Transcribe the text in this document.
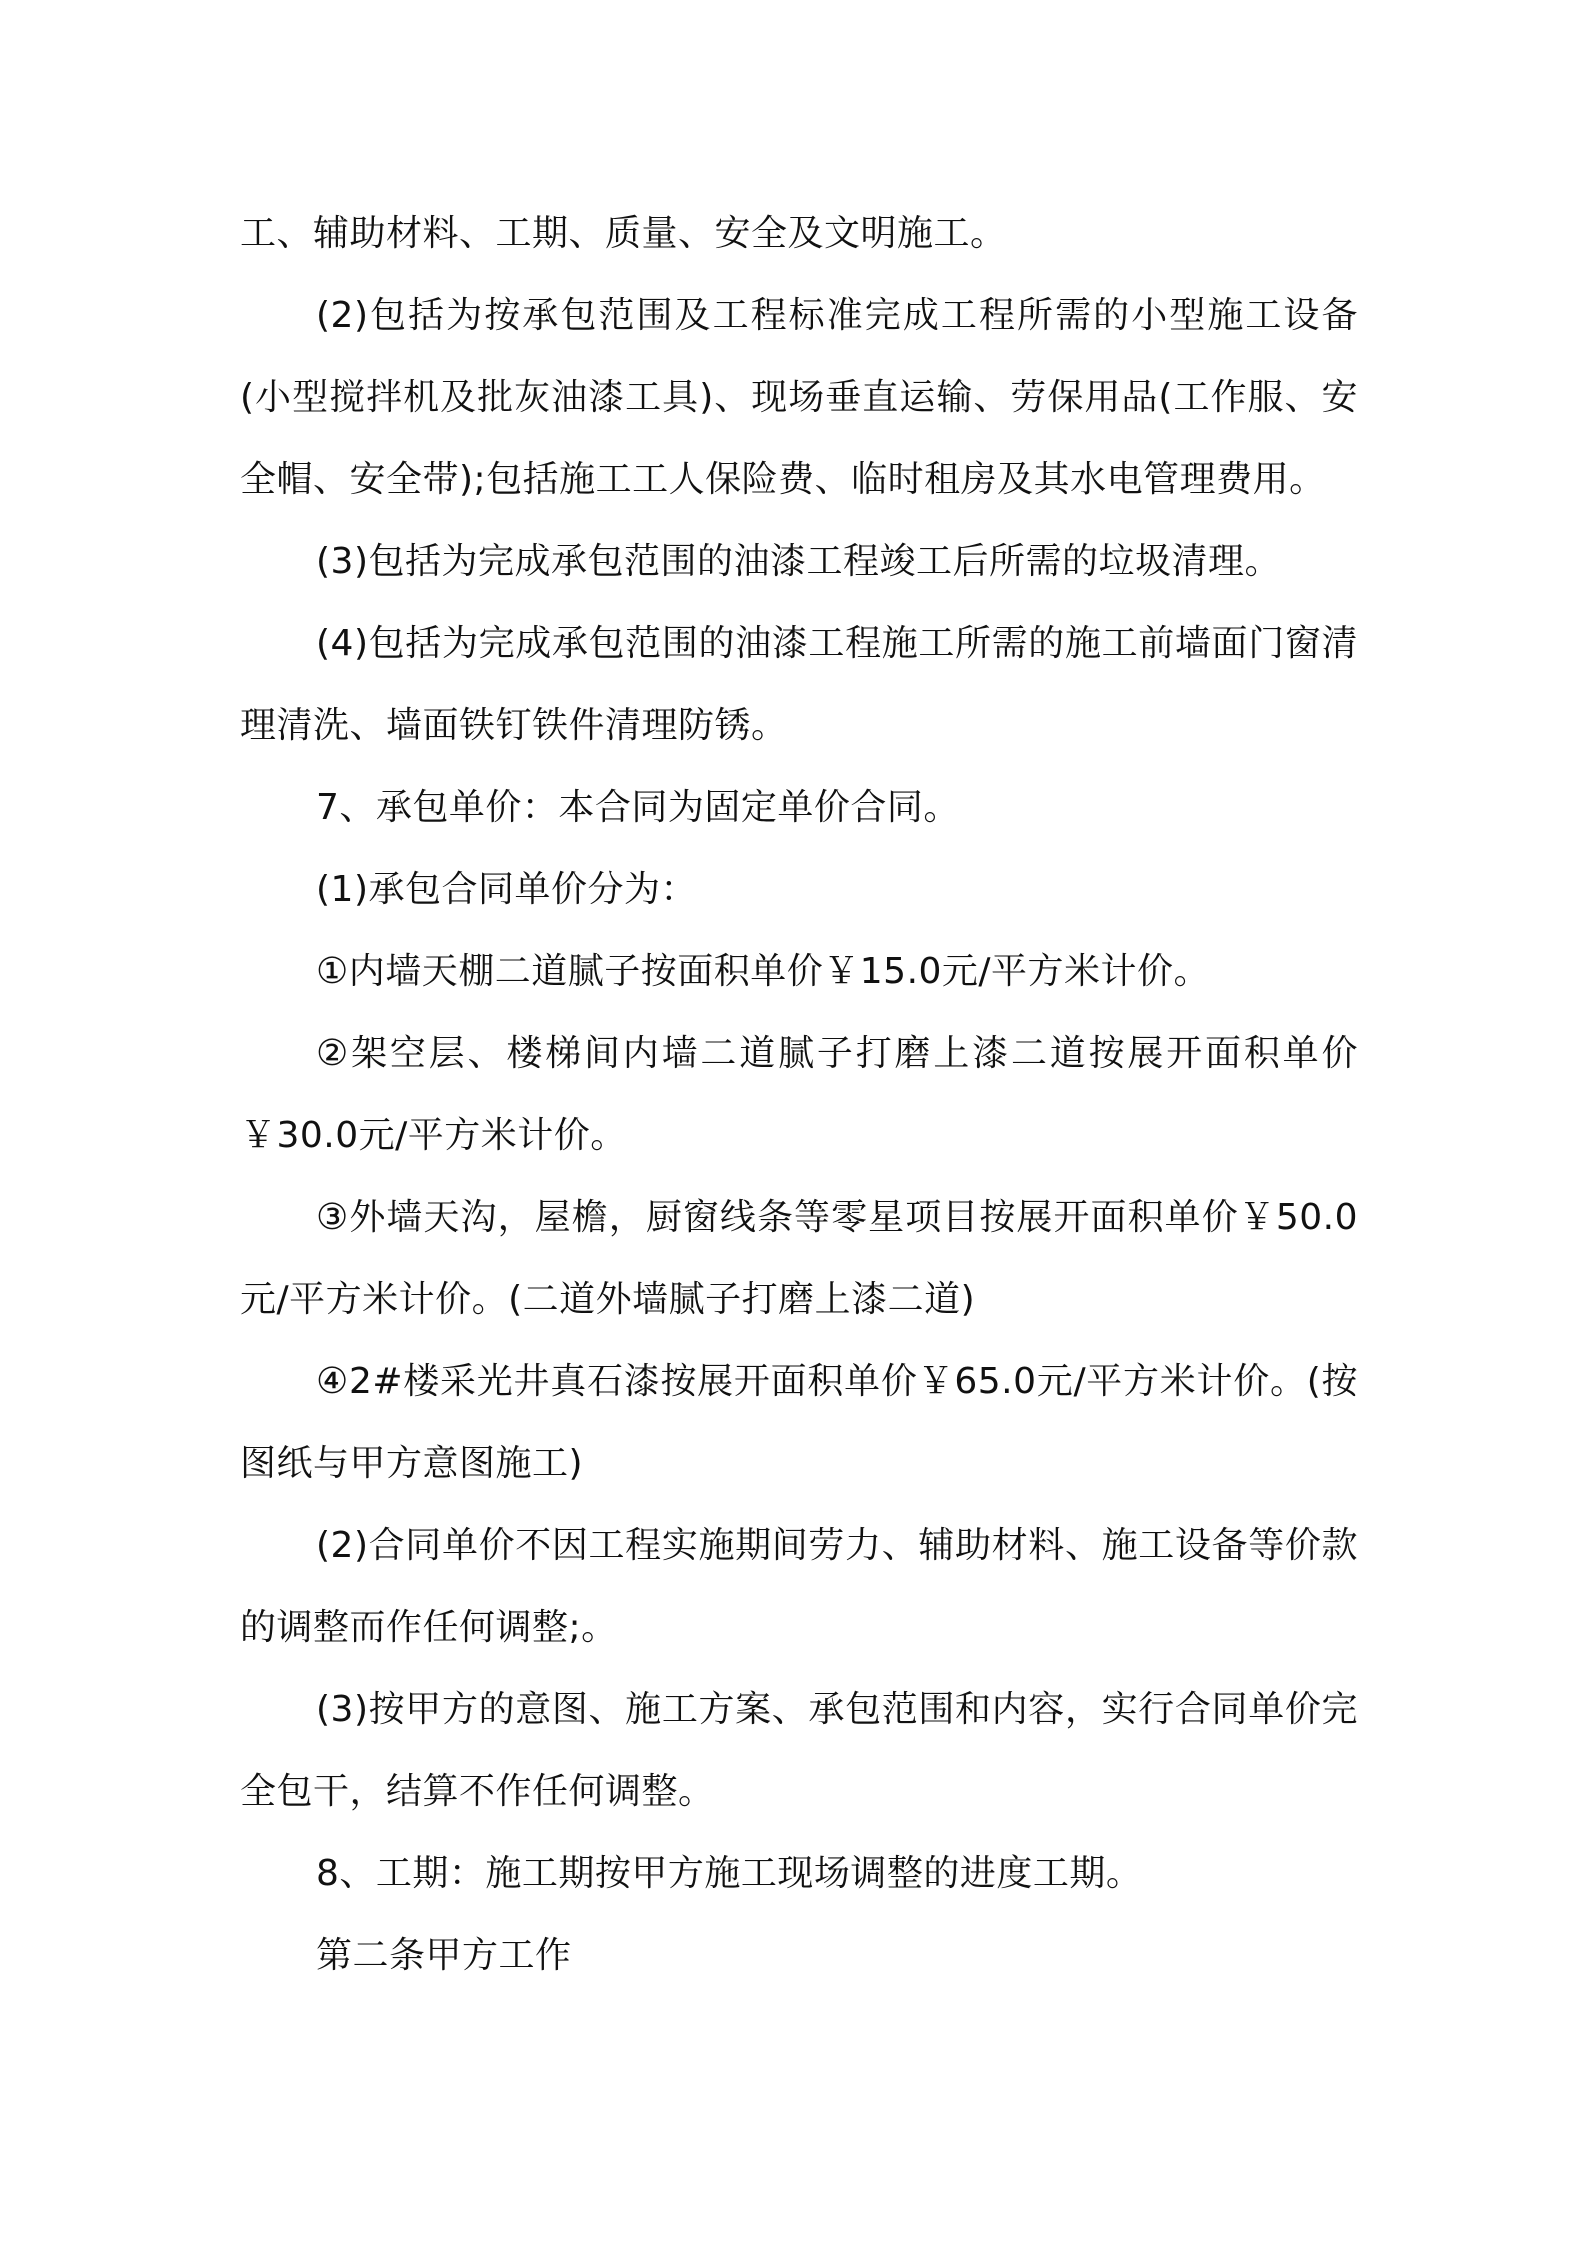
工、辅助材料、工期、质量、安全及文明施工。

(2)包括为按承包范围及工程标准完成工程所需的小型施工设备(小型搅拌机及批灰油漆工具)、现场垂直运输、劳保用品(工作服、安全帽、安全带);包括施工工人保险费、临时租房及其水电管理费用。

(3)包括为完成承包范围的油漆工程竣工后所需的垃圾清理。

(4)包括为完成承包范围的油漆工程施工所需的施工前墙面门窗清理清洗、墙面铁钉铁件清理防锈。

7、承包单价：本合同为固定单价合同。

(1)承包合同单价分为：

①内墙天棚二道腻子按面积单价￥15.0元/平方米计价。

②架空层、楼梯间内墙二道腻子打磨上漆二道按展开面积单价￥30.0元/平方米计价。

③外墙天沟，屋檐，厨窗线条等零星项目按展开面积单价￥50.0元/平方米计价。(二道外墙腻子打磨上漆二道)

④2#楼采光井真石漆按展开面积单价￥65.0元/平方米计价。(按图纸与甲方意图施工)

(2)合同单价不因工程实施期间劳力、辅助材料、施工设备等价款的调整而作任何调整;。

(3)按甲方的意图、施工方案、承包范围和内容，实行合同单价完全包干，结算不作任何调整。

8、工期：施工期按甲方施工现场调整的进度工期。

第二条甲方工作
